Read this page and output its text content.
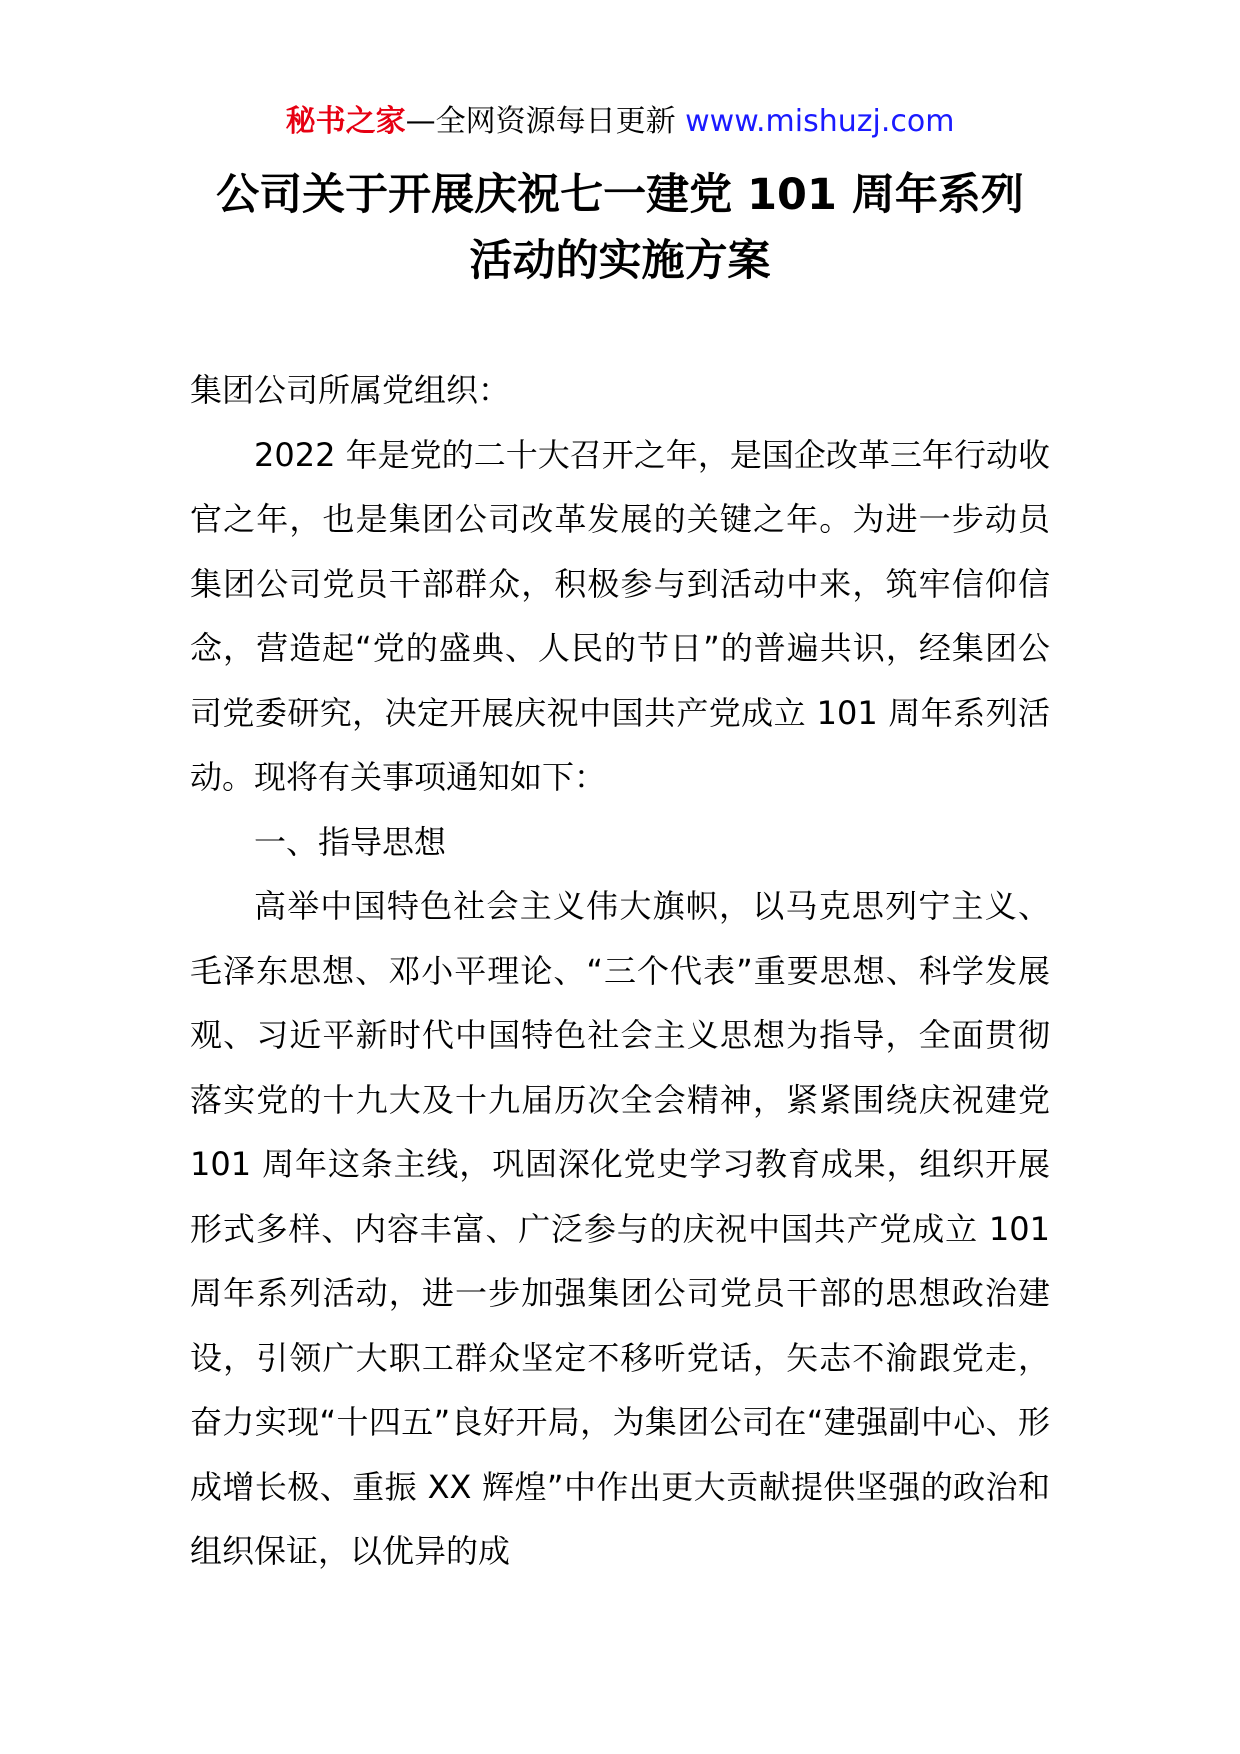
秘书之家—全网资源每日更新 www.mishuzj.com
公司关于开展庆祝七一建党 101 周年系列
活动的实施方案

集团公司所属党组织：

2022 年是党的二十大召开之年，是国企改革三年行动收官之年，也是集团公司改革发展的关键之年。为进一步动员集团公司党员干部群众，积极参与到活动中来，筑牢信仰信念，营造起“党的盛典、人民的节日”的普遍共识，经集团公司党委研究，决定开展庆祝中国共产党成立 101 周年系列活动。现将有关事项通知如下：

一、指导思想

高举中国特色社会主义伟大旗帜，以马克思列宁主义、毛泽东思想、邓小平理论、“三个代表”重要思想、科学发展观、习近平新时代中国特色社会主义思想为指导，全面贯彻落实党的十九大及十九届历次全会精神，紧紧围绕庆祝建党 101 周年这条主线，巩固深化党史学习教育成果，组织开展形式多样、内容丰富、广泛参与的庆祝中国共产党成立 101 周年系列活动，进一步加强集团公司党员干部的思想政治建设，引领广大职工群众坚定不移听党话，矢志不渝跟党走，奋力实现“十四五”良好开局，为集团公司在“建强副中心、形成增长极、重振 XX 辉煌”中作出更大贡献提供坚强的政治和组织保证，以优异的成
